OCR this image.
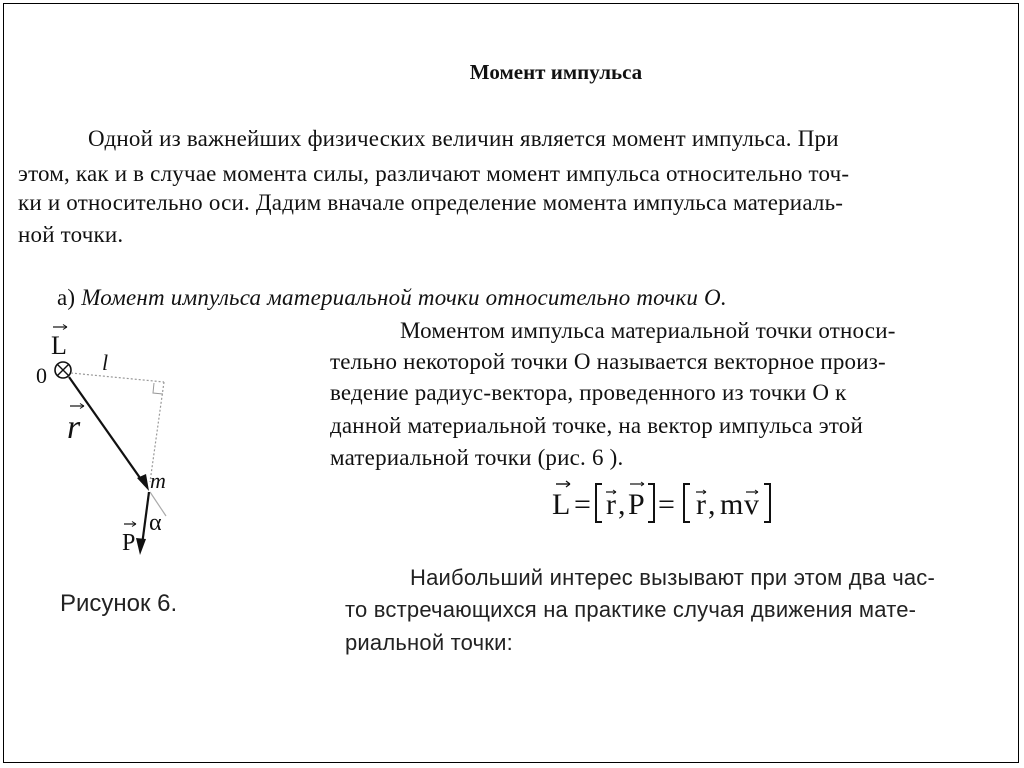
Момент импульса
Одной из важнейших физических величин является момент импульса. При
этом, как и в случае момента силы, различают момент импульса относительно точ-
ки и относительно оси. Дадим вначале определение момента импульса материаль-
ной точки.
а) Момент импульса материальной точки относительно точки О.
Моментом импульса материальной точки относи-
тельно некоторой точки О называется векторное произ-
ведение радиус-вектора, проведенного из точки О к
данной материальной точке, на вектор импульса этой
материальной точки (рис. 6 ).
L = r , P = r , m v
L
0
l
r
m
α
P
Рисунок 6.
Наибольший интерес вызывают при этом два час-
то встречающихся на практике случая движения мате-
риальной точки:
